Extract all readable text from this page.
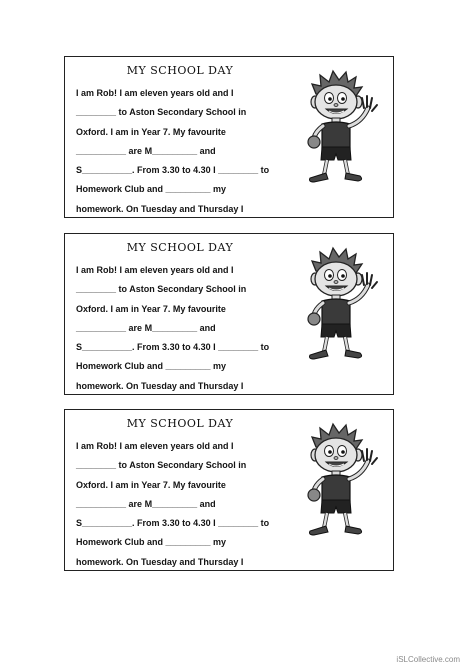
MY SCHOOL DAY
I am Rob! I am eleven years old and I
________ to Aston Secondary School in
Oxford. I am in Year 7. My favourite
__________ are M_________ and
S__________. From 3.30 to 4.30 I ________ to
Homework Club and _________ my
homework. On Tuesday and Thursday I
MY SCHOOL DAY
I am Rob! I am eleven years old and I
________ to Aston Secondary School in
Oxford. I am in Year 7. My favourite
__________ are M_________ and
S__________. From 3.30 to 4.30 I ________ to
Homework Club and _________ my
homework. On Tuesday and Thursday I
MY SCHOOL DAY
I am Rob! I am eleven years old and I
________ to Aston Secondary School in
Oxford. I am in Year 7. My favourite
__________ are M_________ and
S__________. From 3.30 to 4.30 I ________ to
Homework Club and _________ my
homework. On Tuesday and Thursday I
iSLCollective.com
